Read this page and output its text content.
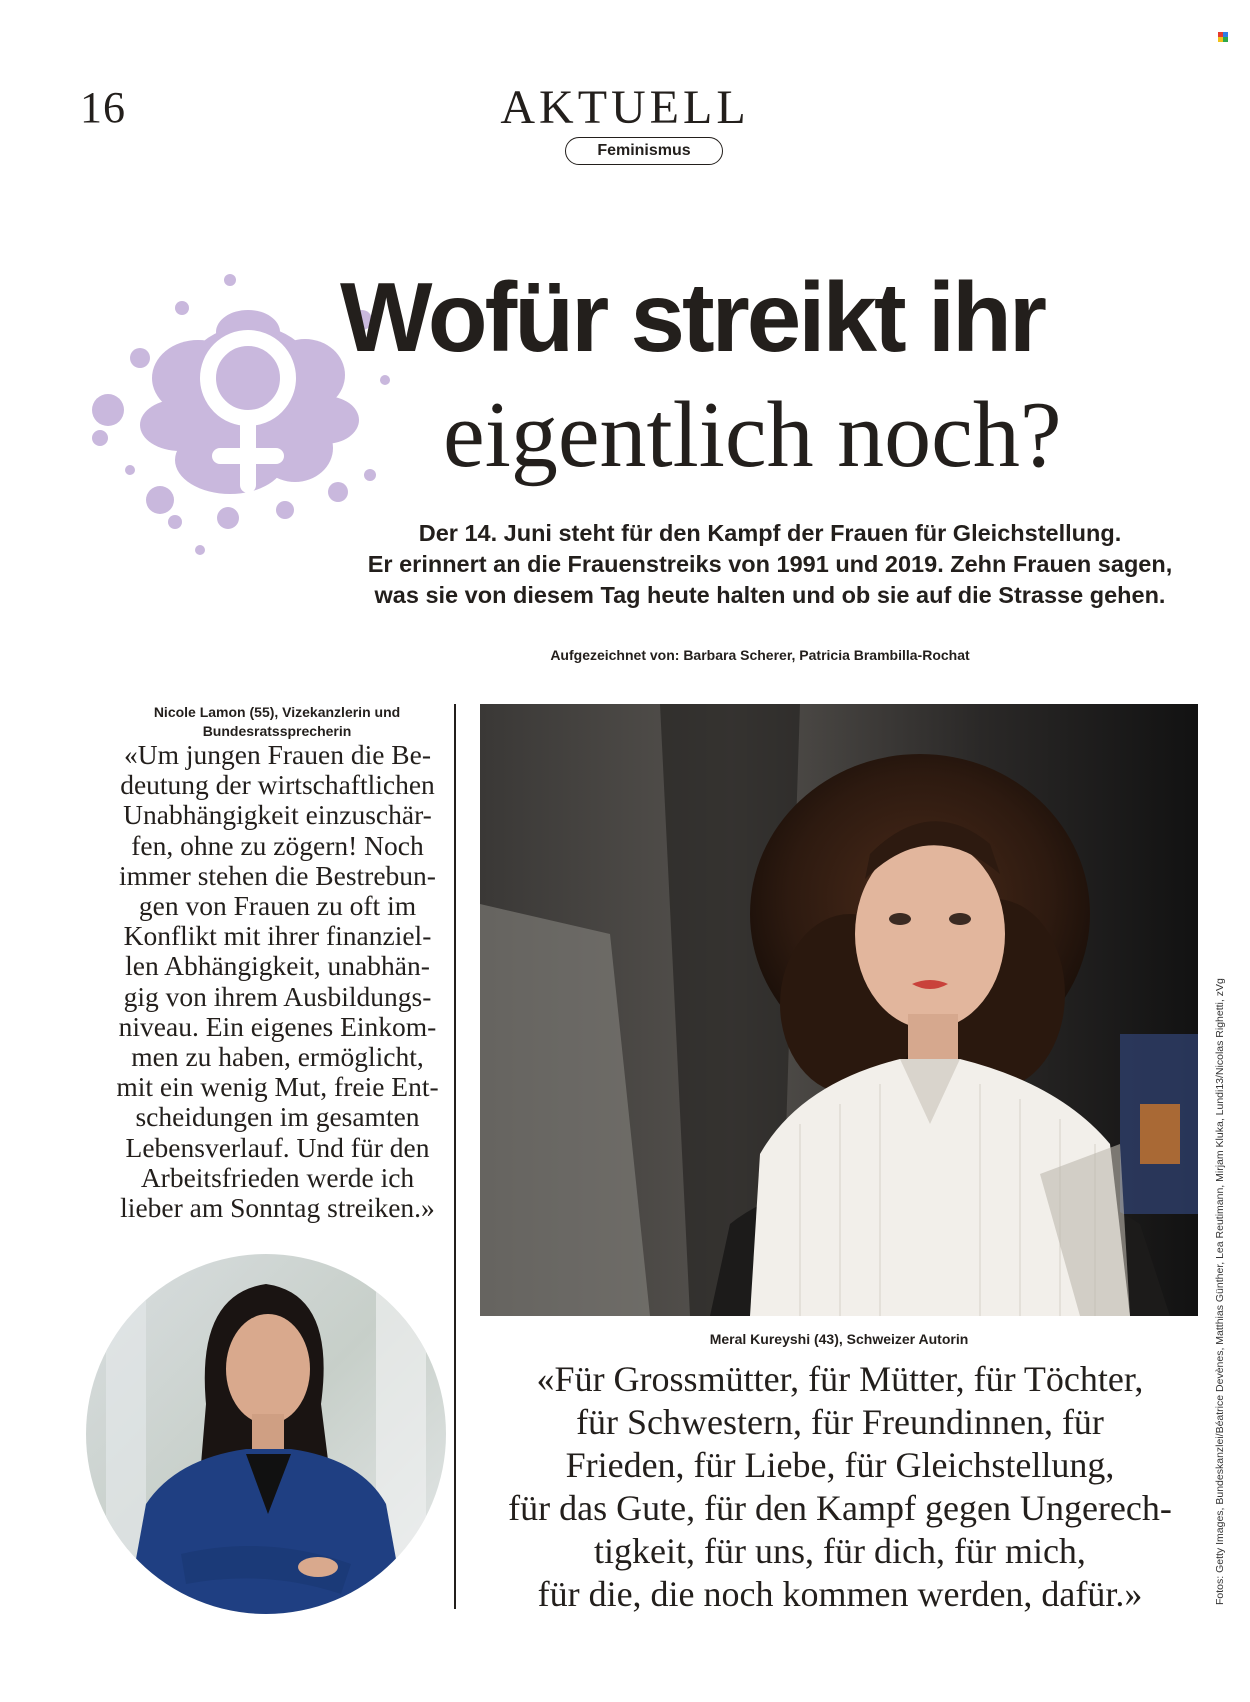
16	AKTUELL
Feminismus
Wofür streikt ihr
eigentlich noch?
Der 14. Juni steht für den Kampf der Frauen für Gleichstellung.
Er erinnert an die Frauenstreiks von 1991 und 2019. Zehn Frauen sagen,
was sie von diesem Tag heute halten und ob sie auf die Strasse gehen.
Aufgezeichnet von: Barbara Scherer, Patricia Brambilla-Rochat
Nicole Lamon (55), Vizekanzlerin und
Bundesratssprecherin
«Um jungen Frauen die Be-
deutung der wirtschaftlichen
Unabhängigkeit einzuschär-
fen, ohne zu zögern! Noch
immer stehen die Bestrebun-
gen von Frauen zu oft im
Konflikt mit ihrer finanziel-
len Abhängigkeit, unabhän-
gig von ihrem Ausbildungs-
niveau. Ein eigenes Einkom-
men zu haben, ermöglicht,
mit ein wenig Mut, freie Ent-
scheidungen im gesamten
Lebensverlauf. Und für den
Arbeitsfrieden werde ich
lieber am Sonntag streiken.»
Meral Kureyshi (43), Schweizer Autorin
«Für Grossmütter, für Mütter, für Töchter,
für Schwestern, für Freundinnen, für
Frieden, für Liebe, für Gleichstellung,
für das Gute, für den Kampf gegen Ungerech-
tigkeit, für uns, für dich, für mich,
für die, die noch kommen werden, dafür.»	Fotos: Getty Images, Bundeskanzlei/Béatrice Devènes, Matthias Günther, Lea Reutimann, Mirjam Kluka, Lundi13/Nicolas Righetti, zVg
